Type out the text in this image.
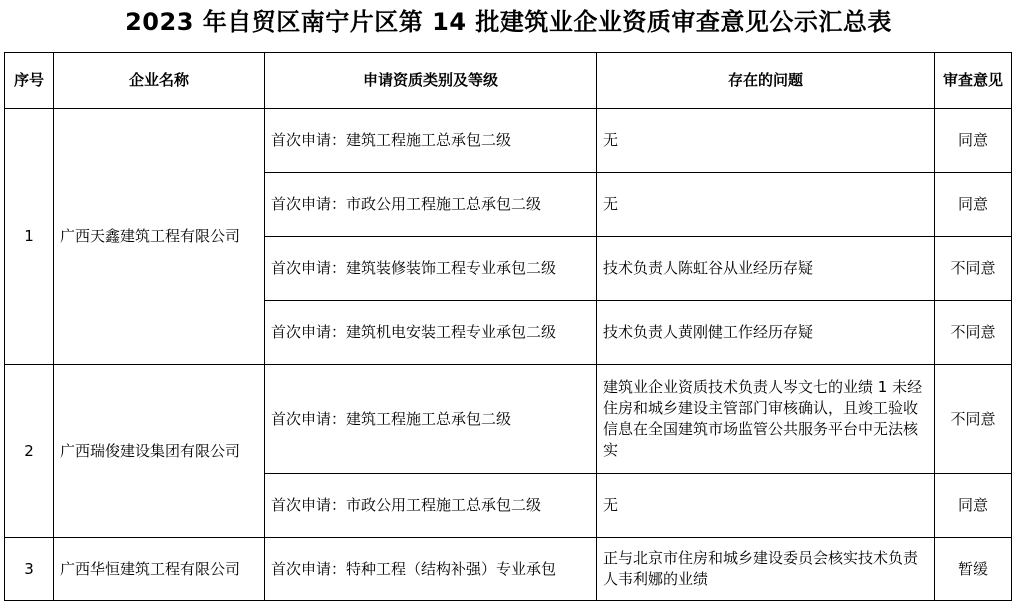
2023 年自贸区南宁片区第 14 批建筑业企业资质审查意见公示汇总表
序号	企业名称	申请资质类别及等级	存在的问题	审查意见
1	广西天鑫建筑工程有限公司	首次申请：建筑工程施工总承包二级	无	同意
		首次申请：市政公用工程施工总承包二级	无	同意
		首次申请：建筑装修装饰工程专业承包二级	技术负责人陈虹谷从业经历存疑	不同意
		首次申请：建筑机电安装工程专业承包二级	技术负责人黄刚健工作经历存疑	不同意
2	广西瑞俊建设集团有限公司	首次申请：建筑工程施工总承包二级	建筑业企业资质技术负责人岑文七的业绩 1 未经住房和城乡建设主管部门审核确认，且竣工验收信息在全国建筑市场监管公共服务平台中无法核实	不同意
		首次申请：市政公用工程施工总承包二级	无	同意
3	广西华恒建筑工程有限公司	首次申请：特种工程（结构补强）专业承包	正与北京市住房和城乡建设委员会核实技术负责人韦利娜的业绩	暂缓
